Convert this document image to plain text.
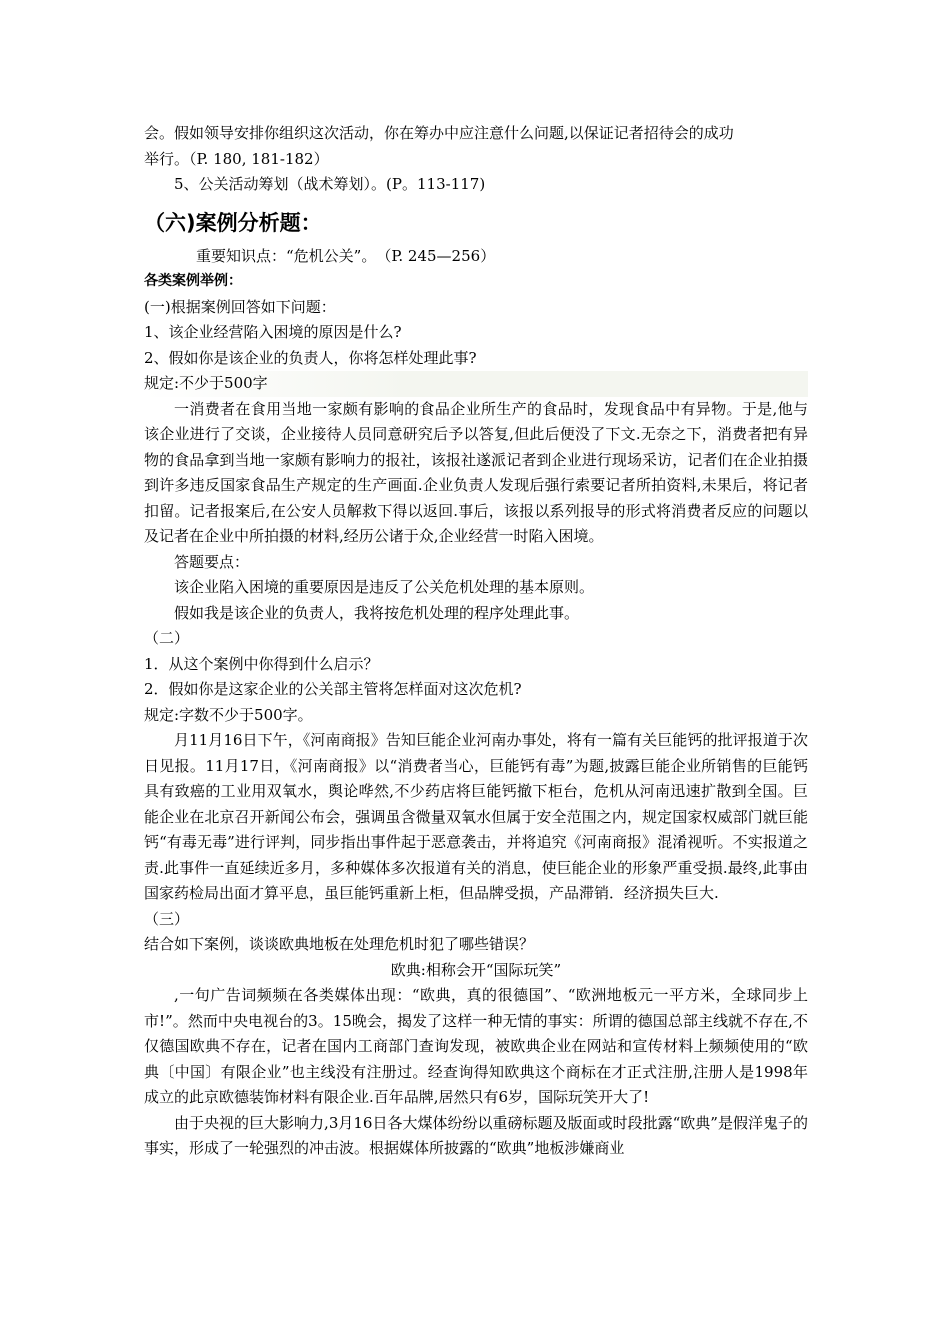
会。假如领导安排你组织这次活动，你在筹办中应注意什么问题,以保证记者招待会的成功

举行。（P. 180, 181-182）

5、公关活动筹划（战术筹划）。(P。113-117)

（六)案例分析题：

重要知识点：“危机公关”。　（P. 245—256）

各类案例举例：

(一)根据案例回答如下问题：

1、该企业经营陷入困境的原因是什么?

2、假如你是该企业的负责人，你将怎样处理此事?

规定:不少于500字

一消费者在食用当地一家颇有影响的食品企业所生产的食品时，发现食品中有异物。于是,他与该企业进行了交谈，企业接待人员同意研究后予以答复,但此后便没了下文.无奈之下，消费者把有异物的食品拿到当地一家颇有影响力的报社，该报社遂派记者到企业进行现场采访，记者们在企业拍摄到许多违反国家食品生产规定的生产画面.企业负责人发现后强行索要记者所拍资料,未果后，将记者扣留。记者报案后,在公安人员解救下得以返回.事后，该报以系列报导的形式将消费者反应的问题以及记者在企业中所拍摄的材料,经历公诸于众,企业经营一时陷入困境。

答题要点：

该企业陷入困境的重要原因是违反了公关危机处理的基本原则。

假如我是该企业的负责人，我将按危机处理的程序处理此事。

（二）

1．从这个案例中你得到什么启示？

2．假如你是这家企业的公关部主管将怎样面对这次危机?

规定:字数不少于500字。

月11月16日下午，《河南商报》告知巨能企业河南办事处，将有一篇有关巨能钙的批评报道于次日见报。11月17日，《河南商报》以“消费者当心，巨能钙有毒”为题,披露巨能企业所销售的巨能钙具有致癌的工业用双氧水，舆论哗然,不少药店将巨能钙撤下柜台，危机从河南迅速扩散到全国。巨能企业在北京召开新闻公布会，强调虽含微量双氧水但属于安全范围之内，规定国家权威部门就巨能钙“有毒无毒”进行评判，同步指出事件起于恶意袭击，并将追究《河南商报》混淆视听。不实报道之责.此事件一直延续近多月，多种媒体多次报道有关的消息，使巨能企业的形象严重受损.最终,此事由国家药检局出面才算平息，虽巨能钙重新上柜，但品牌受损，产品滞销．经济损失巨大.

（三）

结合如下案例，谈谈欧典地板在处理危机时犯了哪些错误？

欧典:相称会开“国际玩笑”

,一句广告词频频在各类媒体出现：“欧典，真的很德国”、“欧洲地板元一平方米，全球同步上市!”。然而中央电视台的3。15晚会，揭发了这样一种无情的事实：所谓的德国总部主线就不存在,不仅德国欧典不存在，记者在国内工商部门查询发现，被欧典企业在网站和宣传材料上频频使用的“欧典〔中国〕有限企业”也主线没有注册过。经查询得知欧典这个商标在才正式注册,注册人是1998年成立的此京欧德装饰材料有限企业.百年品牌,居然只有6岁，国际玩笑开大了!

由于央视的巨大影响力,3月16日各大煤体纷纷以重磅标题及版面或时段批露“欧典”是假洋鬼子的事实，形成了一轮强烈的冲击波。根据媒体所披露的“欧典”地板涉嫌商业
